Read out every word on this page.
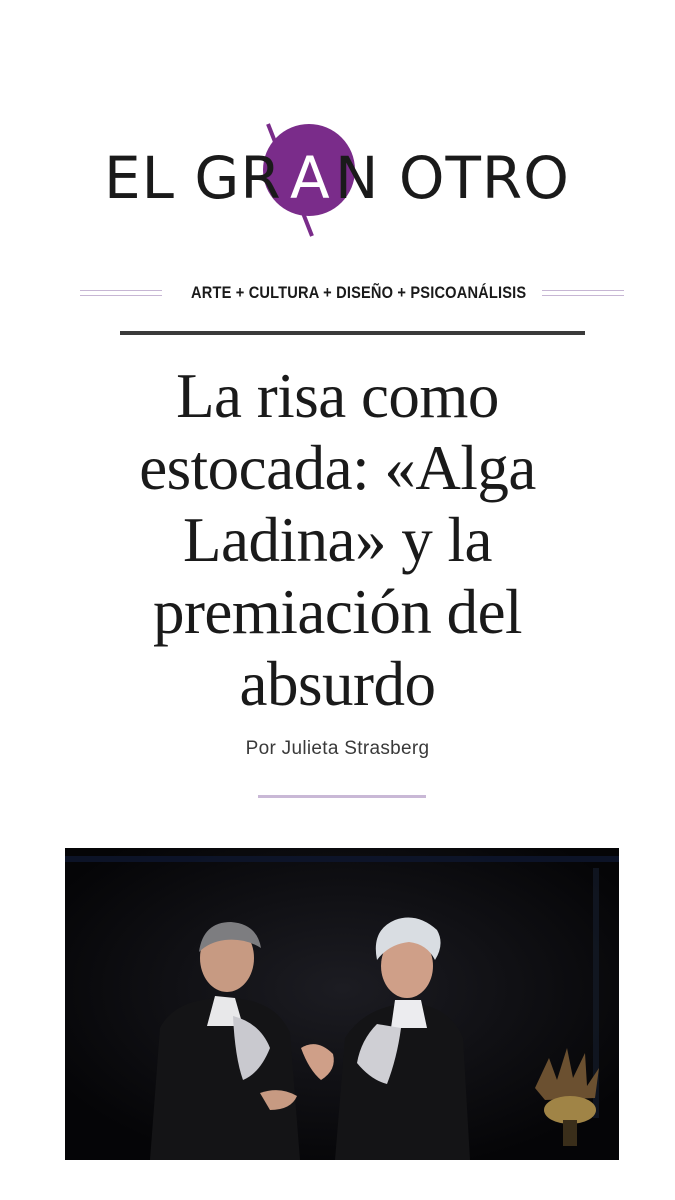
EL GR A N OTRO
ARTE + CULTURA + DISEÑO + PSICOANÁLISIS
La risa como estocada: «Alga Ladina» y la premiación del absurdo
Por Julieta Strasberg
